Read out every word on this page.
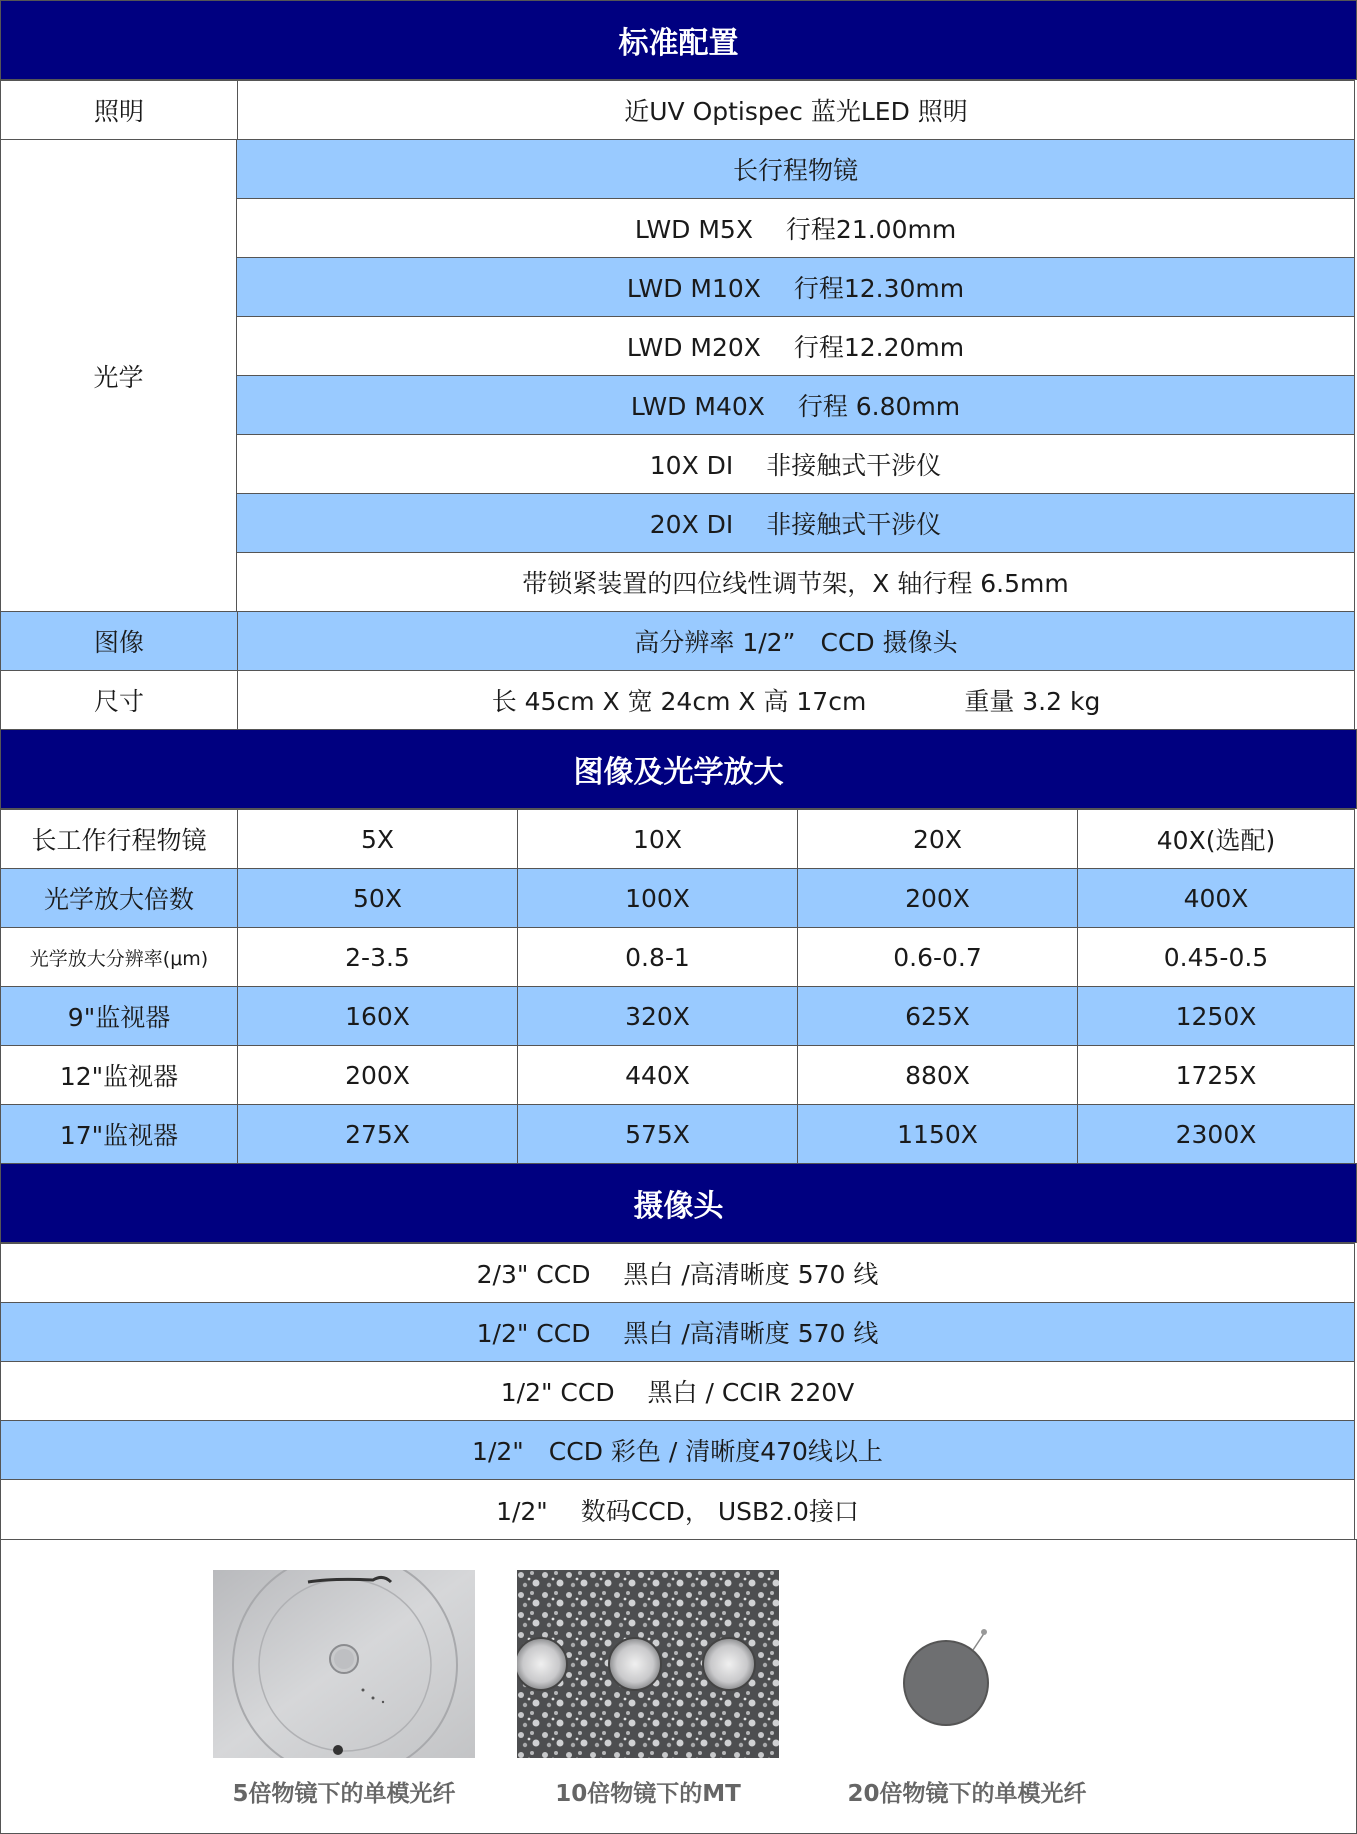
标准配置
照明	近UV Optispec 蓝光LED 照明
光学
长行程物镜
LWD M5X　 行程21.00mm
LWD M10X　 行程12.30mm
LWD M20X　 行程12.20mm
LWD M40X　 行程 6.80mm
10X DI　 非接触式干涉仪
20X DI　 非接触式干涉仪
带锁紧装置的四位线性调节架，X 轴行程 6.5mm
图像	高分辨率 1/2”　CCD 摄像头
尺寸	长 45cm X 宽 24cm X 高 17cm	重量 3.2 kg
图像及光学放大
长工作行程物镜	5X	10X	20X	40X(选配)
光学放大倍数	50X	100X	200X	400X
光学放大分辨率(μm)	2-3.5	0.8-1	0.6-0.7	0.45-0.5
9"监视器	160X	320X	625X	1250X
12"监视器	200X	440X	880X	1725X
17"监视器	275X	575X	1150X	2300X
摄像头
2/3" CCD　 黑白 /高清晰度 570 线
1/2" CCD　 黑白 /高清晰度 570 线
1/2" CCD　 黑白 / CCIR 220V
1/2"　CCD 彩色 / 清晰度470线以上
1/2"　 数码CCD， USB2.0接口
5倍物镜下的单模光纤	10倍物镜下的MT	20倍物镜下的单模光纤
